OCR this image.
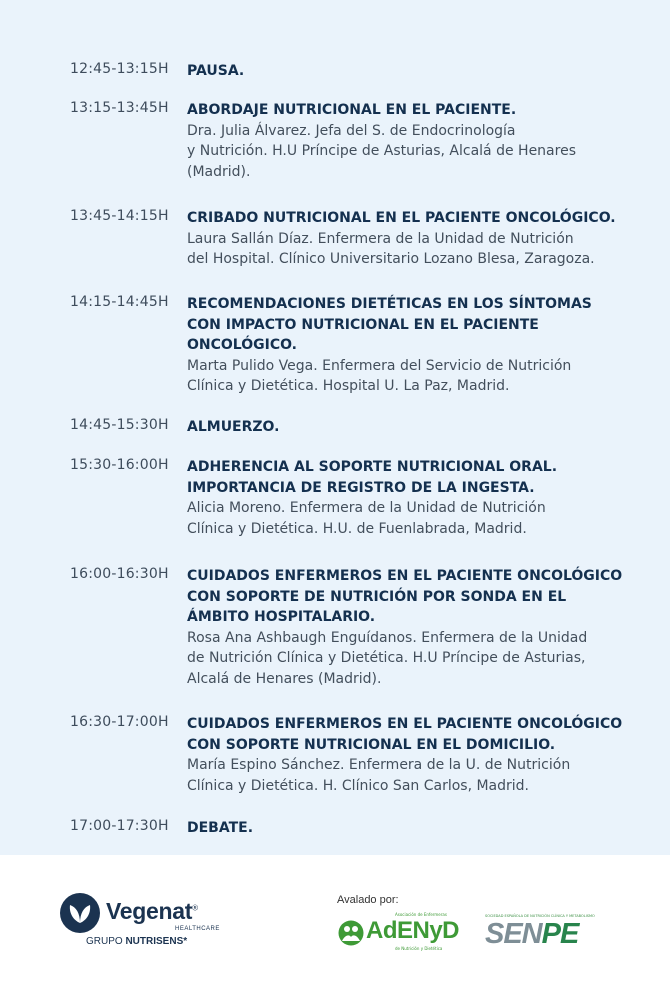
12:45-13:15H PAUSA.
13:15-13:45H ABORDAJE NUTRICIONAL EN EL PACIENTE.
Dra. Julia Álvarez. Jefa del S. de Endocrinología
y Nutrición. H.U Príncipe de Asturias, Alcalá de Henares
(Madrid).
13:45-14:15H CRIBADO NUTRICIONAL EN EL PACIENTE ONCOLÓGICO.
Laura Sallán Díaz. Enfermera de la Unidad de Nutrición
del Hospital. Clínico Universitario Lozano Blesa, Zaragoza.
14:15-14:45H RECOMENDACIONES DIETÉTICAS EN LOS SÍNTOMAS
CON IMPACTO NUTRICIONAL EN EL PACIENTE
ONCOLÓGICO.
Marta Pulido Vega. Enfermera del Servicio de Nutrición
Clínica y Dietética. Hospital U. La Paz, Madrid.
14:45-15:30H ALMUERZO.
15:30-16:00H ADHERENCIA AL SOPORTE NUTRICIONAL ORAL.
IMPORTANCIA DE REGISTRO DE LA INGESTA.
Alicia Moreno. Enfermera de la Unidad de Nutrición
Clínica y Dietética. H.U. de Fuenlabrada, Madrid.
16:00-16:30H CUIDADOS ENFERMEROS EN EL PACIENTE ONCOLÓGICO
CON SOPORTE DE NUTRICIÓN POR SONDA EN EL
ÁMBITO HOSPITALARIO.
Rosa Ana Ashbaugh Enguídanos. Enfermera de la Unidad
de Nutrición Clínica y Dietética. H.U Príncipe de Asturias,
Alcalá de Henares (Madrid).
16:30-17:00H CUIDADOS ENFERMEROS EN EL PACIENTE ONCOLÓGICO
CON SOPORTE NUTRICIONAL EN EL DOMICILIO.
María Espino Sánchez. Enfermera de la U. de Nutrición
Clínica y Dietética. H. Clínico San Carlos, Madrid.
17:00-17:30H DEBATE.
Vegenat®
HEALTHCARE
GRUPO NUTRISENS*
Avalado por:
Asociación de Enfermeras
AdENyD
de Nutrición y Dietética
SOCIEDAD ESPAÑOLA DE NUTRICIÓN CLÍNICA Y METABOLISMO
SENPE
